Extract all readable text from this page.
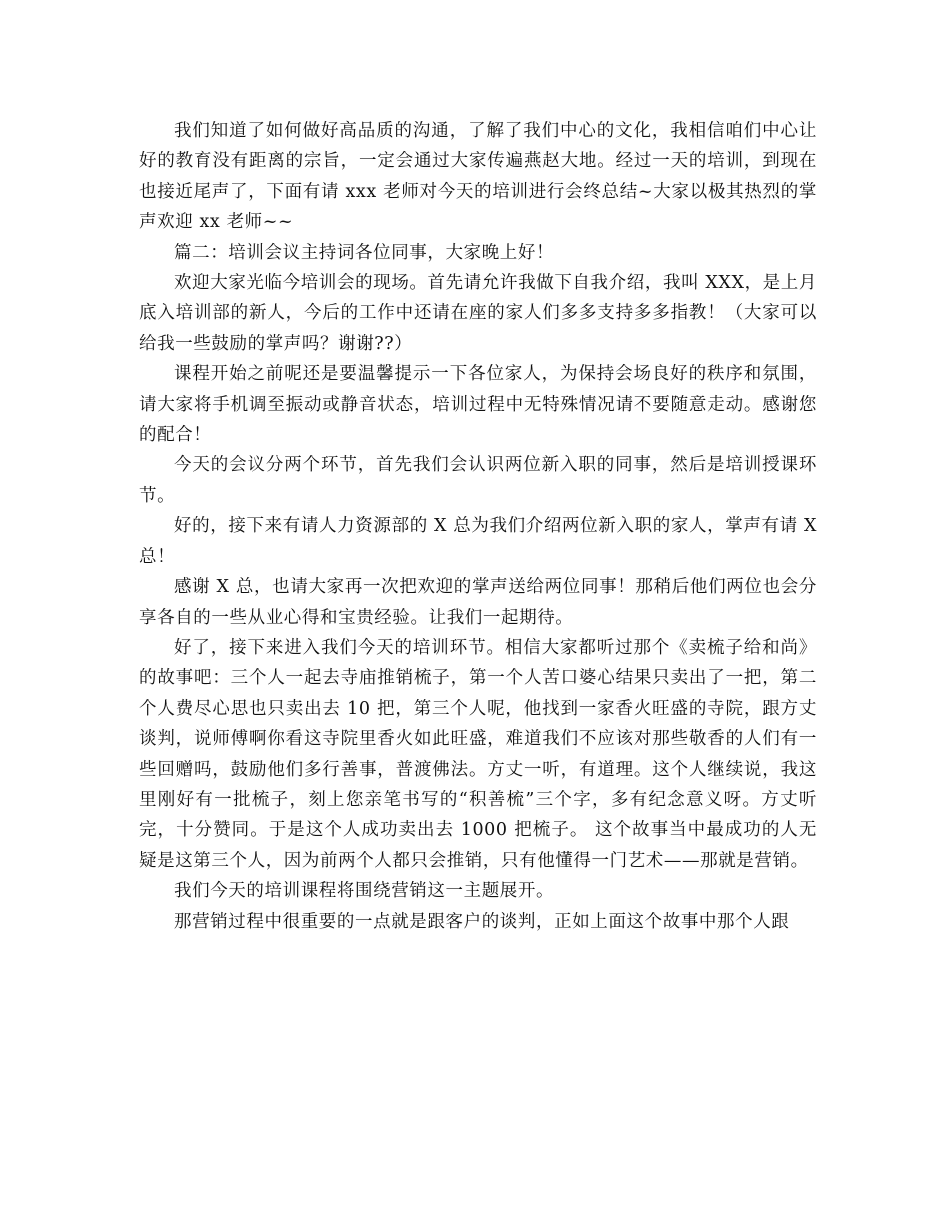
我们知道了如何做好高品质的沟通，了解了我们中心的文化，我相信咱们中心让好的教育没有距离的宗旨，一定会通过大家传遍燕赵大地。经过一天的培训，到现在也接近尾声了，下面有请 xxx 老师对今天的培训进行会终总结~大家以极其热烈的掌声欢迎 xx 老师~~

篇二：培训会议主持词各位同事，大家晚上好！

欢迎大家光临今培训会的现场。首先请允许我做下自我介绍，我叫 XXX，是上月底入培训部的新人，今后的工作中还请在座的家人们多多支持多多指教！（大家可以给我一些鼓励的掌声吗？谢谢??）

课程开始之前呢还是要温馨提示一下各位家人，为保持会场良好的秩序和氛围，请大家将手机调至振动或静音状态，培训过程中无特殊情况请不要随意走动。感谢您的配合！

今天的会议分两个环节，首先我们会认识两位新入职的同事，然后是培训授课环节。

好的，接下来有请人力资源部的 X 总为我们介绍两位新入职的家人，掌声有请 X 总！

感谢 X 总，也请大家再一次把欢迎的掌声送给两位同事！那稍后他们两位也会分享各自的一些从业心得和宝贵经验。让我们一起期待。

好了，接下来进入我们今天的培训环节。相信大家都听过那个《卖梳子给和尚》的故事吧：三个人一起去寺庙推销梳子，第一个人苦口婆心结果只卖出了一把，第二个人费尽心思也只卖出去 10 把，第三个人呢，他找到一家香火旺盛的寺院，跟方丈谈判，说师傅啊你看这寺院里香火如此旺盛，难道我们不应该对那些敬香的人们有一些回赠吗，鼓励他们多行善事，普渡佛法。方丈一听，有道理。这个人继续说，我这里刚好有一批梳子，刻上您亲笔书写的“积善梳”三个字，多有纪念意义呀。方丈听完，十分赞同。于是这个人成功卖出去 1000 把梳子。 这个故事当中最成功的人无疑是这第三个人，因为前两个人都只会推销，只有他懂得一门艺术——那就是营销。

我们今天的培训课程将围绕营销这一主题展开。

那营销过程中很重要的一点就是跟客户的谈判，正如上面这个故事中那个人跟
